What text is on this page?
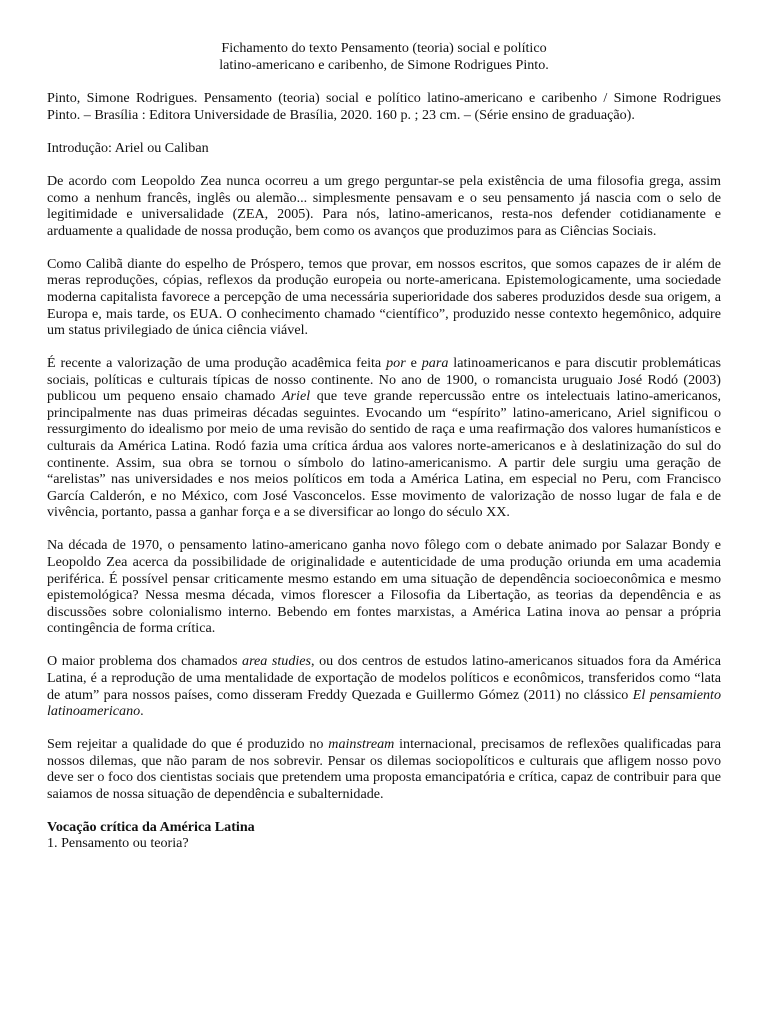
Fichamento do texto Pensamento (teoria) social e político
latino-americano e caribenho, de Simone Rodrigues Pinto.

Pinto, Simone Rodrigues. Pensamento (teoria) social e político latino-americano e caribenho / Simone Rodrigues Pinto. – Brasília : Editora Universidade de Brasília, 2020. 160 p. ; 23 cm. – (Série ensino de graduação).

Introdução: Ariel ou Caliban

De acordo com Leopoldo Zea nunca ocorreu a um grego perguntar-se pela existência de uma filosofia grega, assim como a nenhum francês, inglês ou alemão... simplesmente pensavam e o seu pensamento já nascia com o selo de legitimidade e universalidade (ZEA, 2005). Para nós, latino-americanos, resta-nos defender cotidianamente e arduamente a qualidade de nossa produção, bem como os avanços que produzimos para as Ciências Sociais.

Como Calibã diante do espelho de Próspero, temos que provar, em nossos escritos, que somos capazes de ir além de meras reproduções, cópias, reflexos da produção europeia ou norte-americana. Epistemologicamente, uma sociedade moderna capitalista favorece a percepção de uma necessária superioridade dos saberes produzidos desde sua origem, a Europa e, mais tarde, os EUA. O conhecimento chamado “científico”, produzido nesse contexto hegemônico, adquire um status privilegiado de única ciência viável.

É recente a valorização de uma produção acadêmica feita por e para latinoamericanos e para discutir problemáticas sociais, políticas e culturais típicas de nosso continente. No ano de 1900, o romancista uruguaio José Rodó (2003) publicou um pequeno ensaio chamado Ariel que teve grande repercussão entre os intelectuais latino-americanos, principalmente nas duas primeiras décadas seguintes. Evocando um “espírito” latino-americano, Ariel significou o ressurgimento do idealismo por meio de uma revisão do sentido de raça e uma reafirmação dos valores humanísticos e culturais da América Latina. Rodó fazia uma crítica árdua aos valores norte-americanos e à deslatinização do sul do continente. Assim, sua obra se tornou o símbolo do latino-americanismo. A partir dele surgiu uma geração de “arelistas” nas universidades e nos meios políticos em toda a América Latina, em especial no Peru, com Francisco García Calderón, e no México, com José Vasconcelos. Esse movimento de valorização de nosso lugar de fala e de vivência, portanto, passa a ganhar força e a se diversificar ao longo do século XX.

Na década de 1970, o pensamento latino-americano ganha novo fôlego com o debate animado por Salazar Bondy e Leopoldo Zea acerca da possibilidade de originalidade e autenticidade de uma produção oriunda em uma academia periférica. É possível pensar criticamente mesmo estando em uma situação de dependência socioeconômica e mesmo epistemológica? Nessa mesma década, vimos florescer a Filosofia da Libertação, as teorias da dependência e as discussões sobre colonialismo interno. Bebendo em fontes marxistas, a América Latina inova ao pensar a própria contingência de forma crítica.

O maior problema dos chamados area studies, ou dos centros de estudos latino-americanos situados fora da América Latina, é a reprodução de uma mentalidade de exportação de modelos políticos e econômicos, transferidos como “lata de atum” para nossos países, como disseram Freddy Quezada e Guillermo Gómez (2011) no clássico El pensamiento latinoamericano.

Sem rejeitar a qualidade do que é produzido no mainstream internacional, precisamos de reflexões qualificadas para nossos dilemas, que não param de nos sobrevir. Pensar os dilemas sociopolíticos e culturais que afligem nosso povo deve ser o foco dos cientistas sociais que pretendem uma proposta emancipatória e crítica, capaz de contribuir para que saiamos de nossa situação de dependência e subalternidade.

Vocação crítica da América Latina
1. Pensamento ou teoria?
